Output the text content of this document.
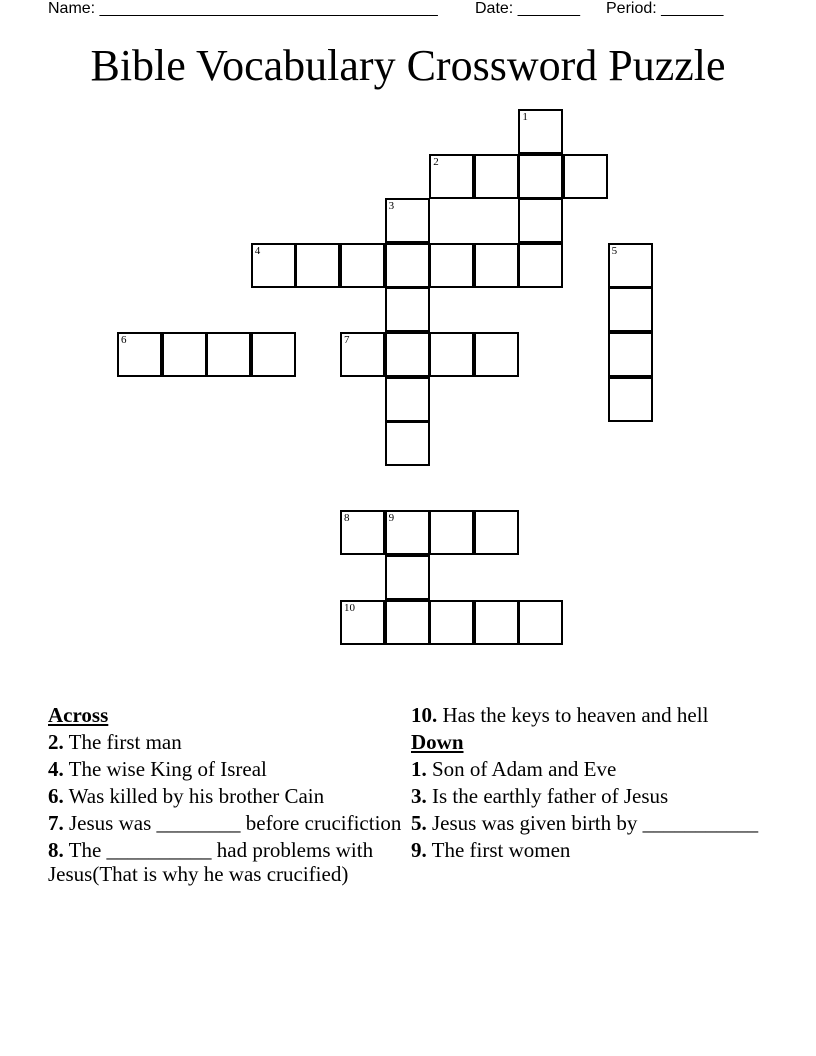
Name: ______________________________________ Date: _______ Period: _______
Bible Vocabulary Crossword Puzzle
1
2
3
4	5
6	7
8	9
10
Across
2. The first man
4. The wise King of Isreal
6. Was killed by his brother Cain
7. Jesus was ________ before crucifiction
8. The __________ had problems with Jesus(That is why he was crucified)
10. Has the keys to heaven and hell
Down
1. Son of Adam and Eve
3. Is the earthly father of Jesus
5. Jesus was given birth by ___________
9. The first women
